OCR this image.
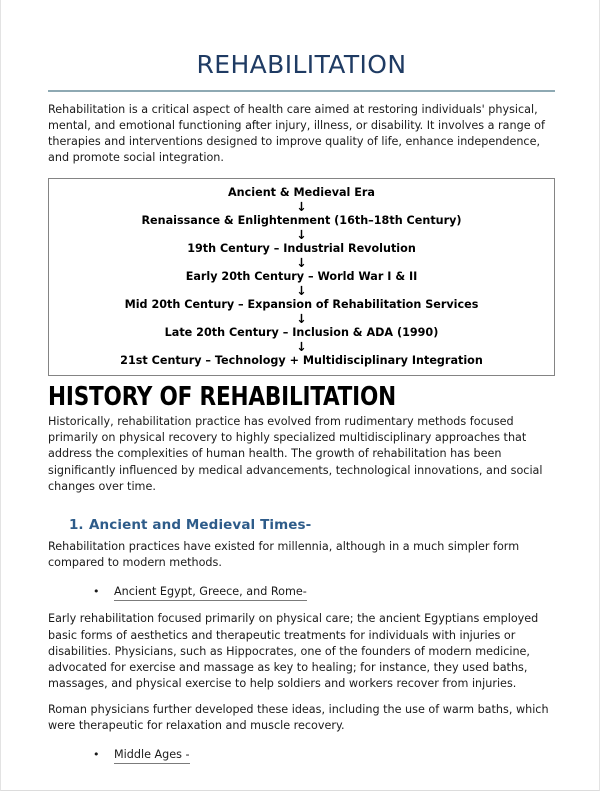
REHABILITATION

Rehabilitation is a critical aspect of health care aimed at restoring individuals' physical, mental, and emotional functioning after injury, illness, or disability. It involves a range of therapies and interventions designed to improve quality of life, enhance independence, and promote social integration.

Ancient & Medieval Era
↓
Renaissance & Enlightenment (16th–18th Century)
↓
19th Century – Industrial Revolution
↓
Early 20th Century – World War I & II
↓
Mid 20th Century – Expansion of Rehabilitation Services
↓
Late 20th Century – Inclusion & ADA (1990)
↓
21st Century – Technology + Multidisciplinary Integration
HISTORY OF REHABILITATION

Historically, rehabilitation practice has evolved from rudimentary methods focused primarily on physical recovery to highly specialized multidisciplinary approaches that address the complexities of human health. The growth of rehabilitation has been significantly influenced by medical advancements, technological innovations, and social changes over time.

1. Ancient and Medieval Times-

Rehabilitation practices have existed for millennia, although in a much simpler form compared to modern methods.

•	Ancient Egypt, Greece, and Rome-

Early rehabilitation focused primarily on physical care; the ancient Egyptians employed basic forms of aesthetics and therapeutic treatments for individuals with injuries or disabilities. Physicians, such as Hippocrates, one of the founders of modern medicine, advocated for exercise and massage as key to healing; for instance, they used baths, massages, and physical exercise to help soldiers and workers recover from injuries.

Roman physicians further developed these ideas, including the use of warm baths, which were therapeutic for relaxation and muscle recovery.

•	Middle Ages -
